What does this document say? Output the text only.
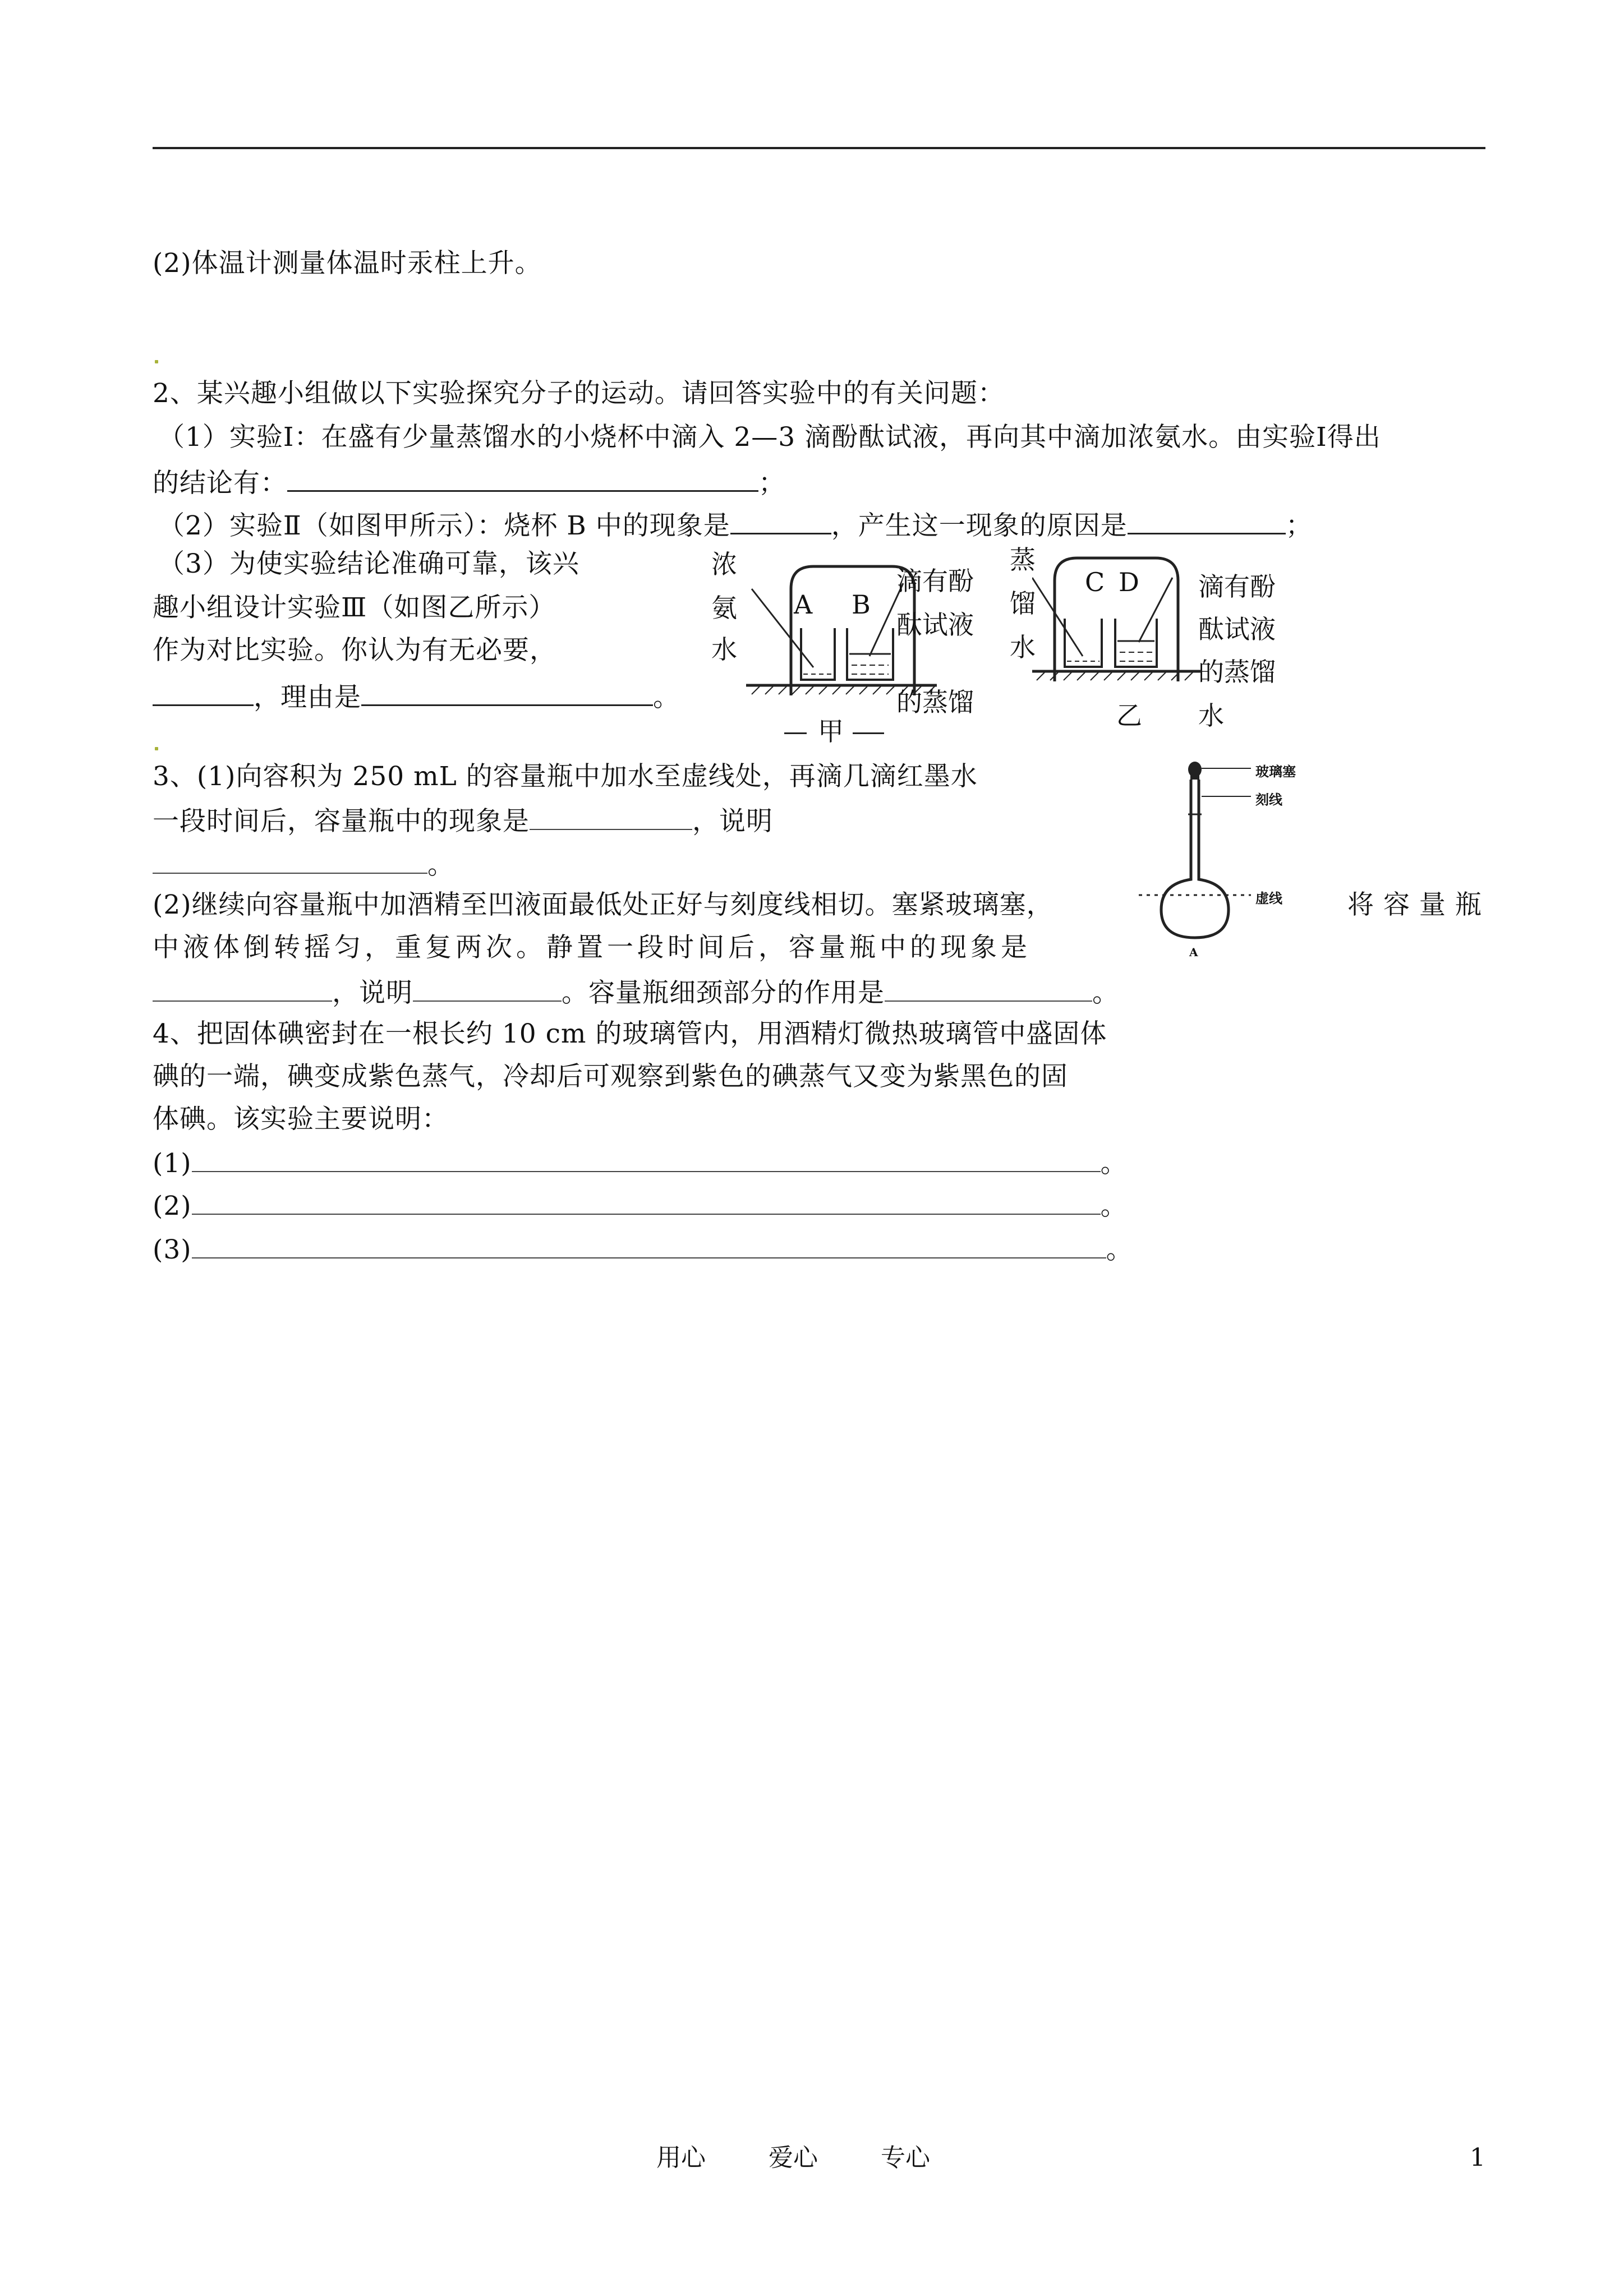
(2)体温计测量体温时汞柱上升。
2、某兴趣小组做以下实验探究分子的运动。请回答实验中的有关问题：
（1）实验Ⅰ：在盛有少量蒸馏水的小烧杯中滴入 2—3 滴酚酞试液，再向其中滴加浓氨水。由实验Ⅰ得出
的结论有：	；
（2）实验Ⅱ（如图甲所示）：烧杯 B 中的现象是	，产生这一现象的原因是	；
（3）为使实验结论准确可靠，该兴
趣小组设计实验Ⅲ（如图乙所示）
作为对比实验。你认为有无必要，
，理由是	。
浓
氨
水
A B
滴有酚
酞试液
的蒸馏
甲
蒸
馏
水
C D 滴有酚
酞试液
的蒸馏
水
乙
3、(1)向容积为 250 mL 的容量瓶中加水至虚线处，再滴几滴红墨水
一段时间后，容量瓶中的现象是	，说明
。
(2)继续向容量瓶中加酒精至凹液面最低处正好与刻度线相切。塞紧玻璃塞，	将 容 量 瓶
中液体倒转摇匀，重复两次。静置一段时间后，容量瓶中的现象是
，说明	。容量瓶细颈部分的作用是	。
玻璃塞
刻线
虚线
A
4、把固体碘密封在一根长约 10 cm 的玻璃管内，用酒精灯微热玻璃管中盛固体
碘的一端，碘变成紫色蒸气，冷却后可观察到紫色的碘蒸气又变为紫黑色的固
体碘。该实验主要说明：
(1)	。
(2)	。
(3)	。
用心	爱心	专心	1
